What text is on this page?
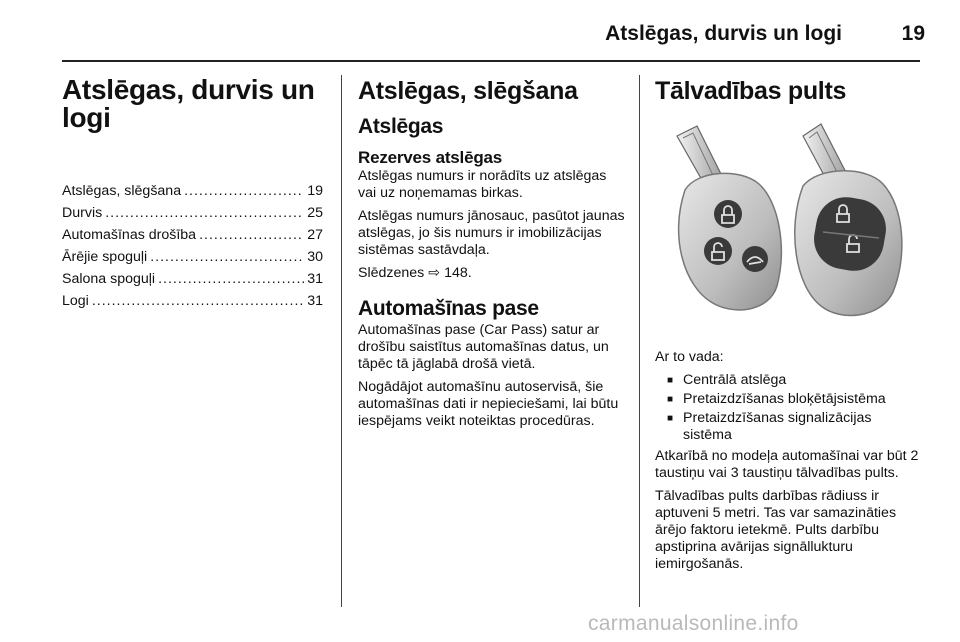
Atslēgas, durvis un logi	19
Atslēgas, durvis un logi
Atslēgas, slēgšana .....	19
Durvis .....	25
Automašīnas drošība .....	27
Ārējie spoguļi .....	30
Salona spoguļi .....	31
Logi .....	31
Atslēgas, slēgšana
Atslēgas
Rezerves atslēgas

Atslēgas numurs ir norādīts uz atslēgas vai uz noņemamas birkas.

Atslēgas numurs jānosauc, pasūtot jaunas atslēgas, jo šis numurs ir imobilizācijas sistēmas sastāvdaļa.

Slēdzenes ⇨ 148.

Automašīnas pase

Automašīnas pase (Car Pass) satur ar drošību saistītus automašīnas datus, un tāpēc tā jāglabā drošā vietā.

Nogādājot automašīnu autoservisā, šie automašīnas dati ir nepieciešami, lai būtu iespējams veikt noteiktas procedūras.

Tālvadības pults

Ar to vada:

■ Centrālā atslēga
■ Pretaizdzīšanas bloķētājsistēma
■ Pretaizdzīšanas signalizācijas sistēma

Atkarībā no modeļa automašīnai var būt 2 taustiņu vai 3 taustiņu tālvadības pults.

Tālvadības pults darbības rādiuss ir aptuveni 5 metri. Tas var samazināties ārējo faktoru ietekmē. Pults darbību apstiprina avārijas signāllukturu iemirgošanās.

carmanualsonline.info
